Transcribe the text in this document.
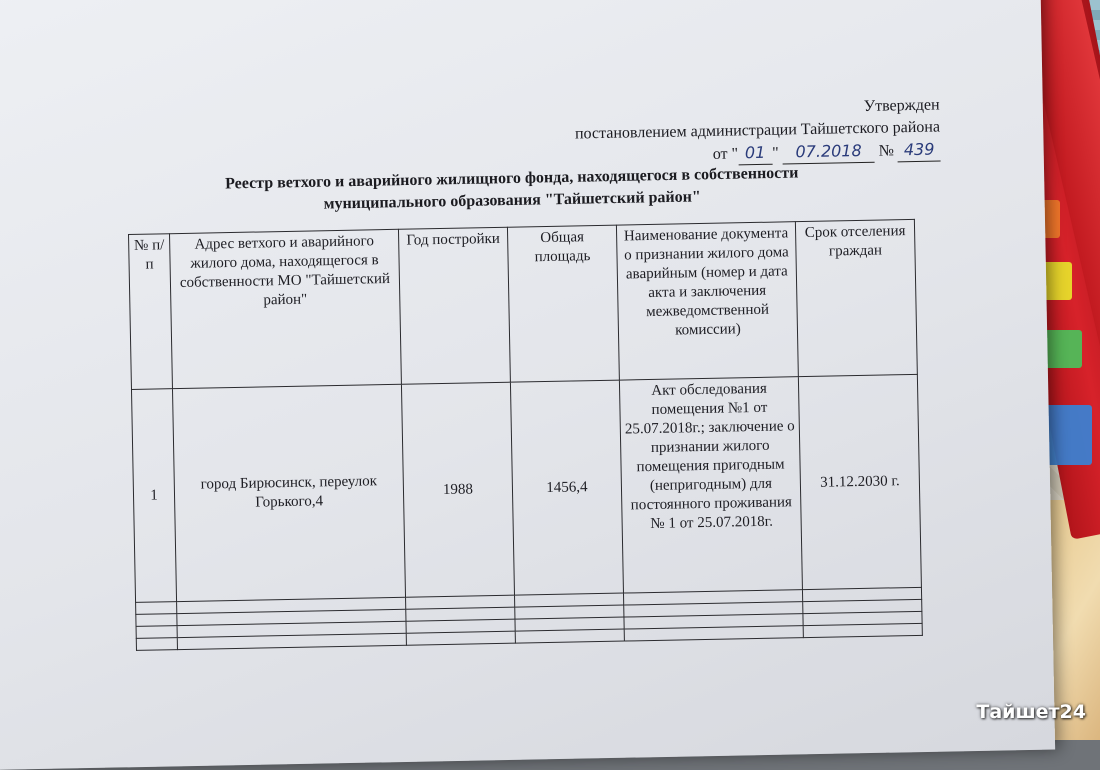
Утвержден
постановлением администрации Тайшетского района
от " 01 " 07.2018 № 439
Реестр ветхого и аварийного жилищного фонда, находящегося в собственности
муниципального образования "Тайшетский район"
№ п/п	Адрес ветхого и аварийного жилого дома, находящегося в собственности МО "Тайшетский район"	Год постройки	Общая площадь	Наименование документа о признании жилого дома аварийным (номер и дата акта и заключения межведомственной комиссии)	Срок отселения граждан
1	город Бирюсинск, переулок Горького,4	1988	1456,4	Акт обследования помещения №1 от 25.07.2018г.; заключение о признании жилого помещения пригодным (непригодным) для постоянного проживания № 1 от 25.07.2018г.	31.12.2030 г.

Тайшет24
